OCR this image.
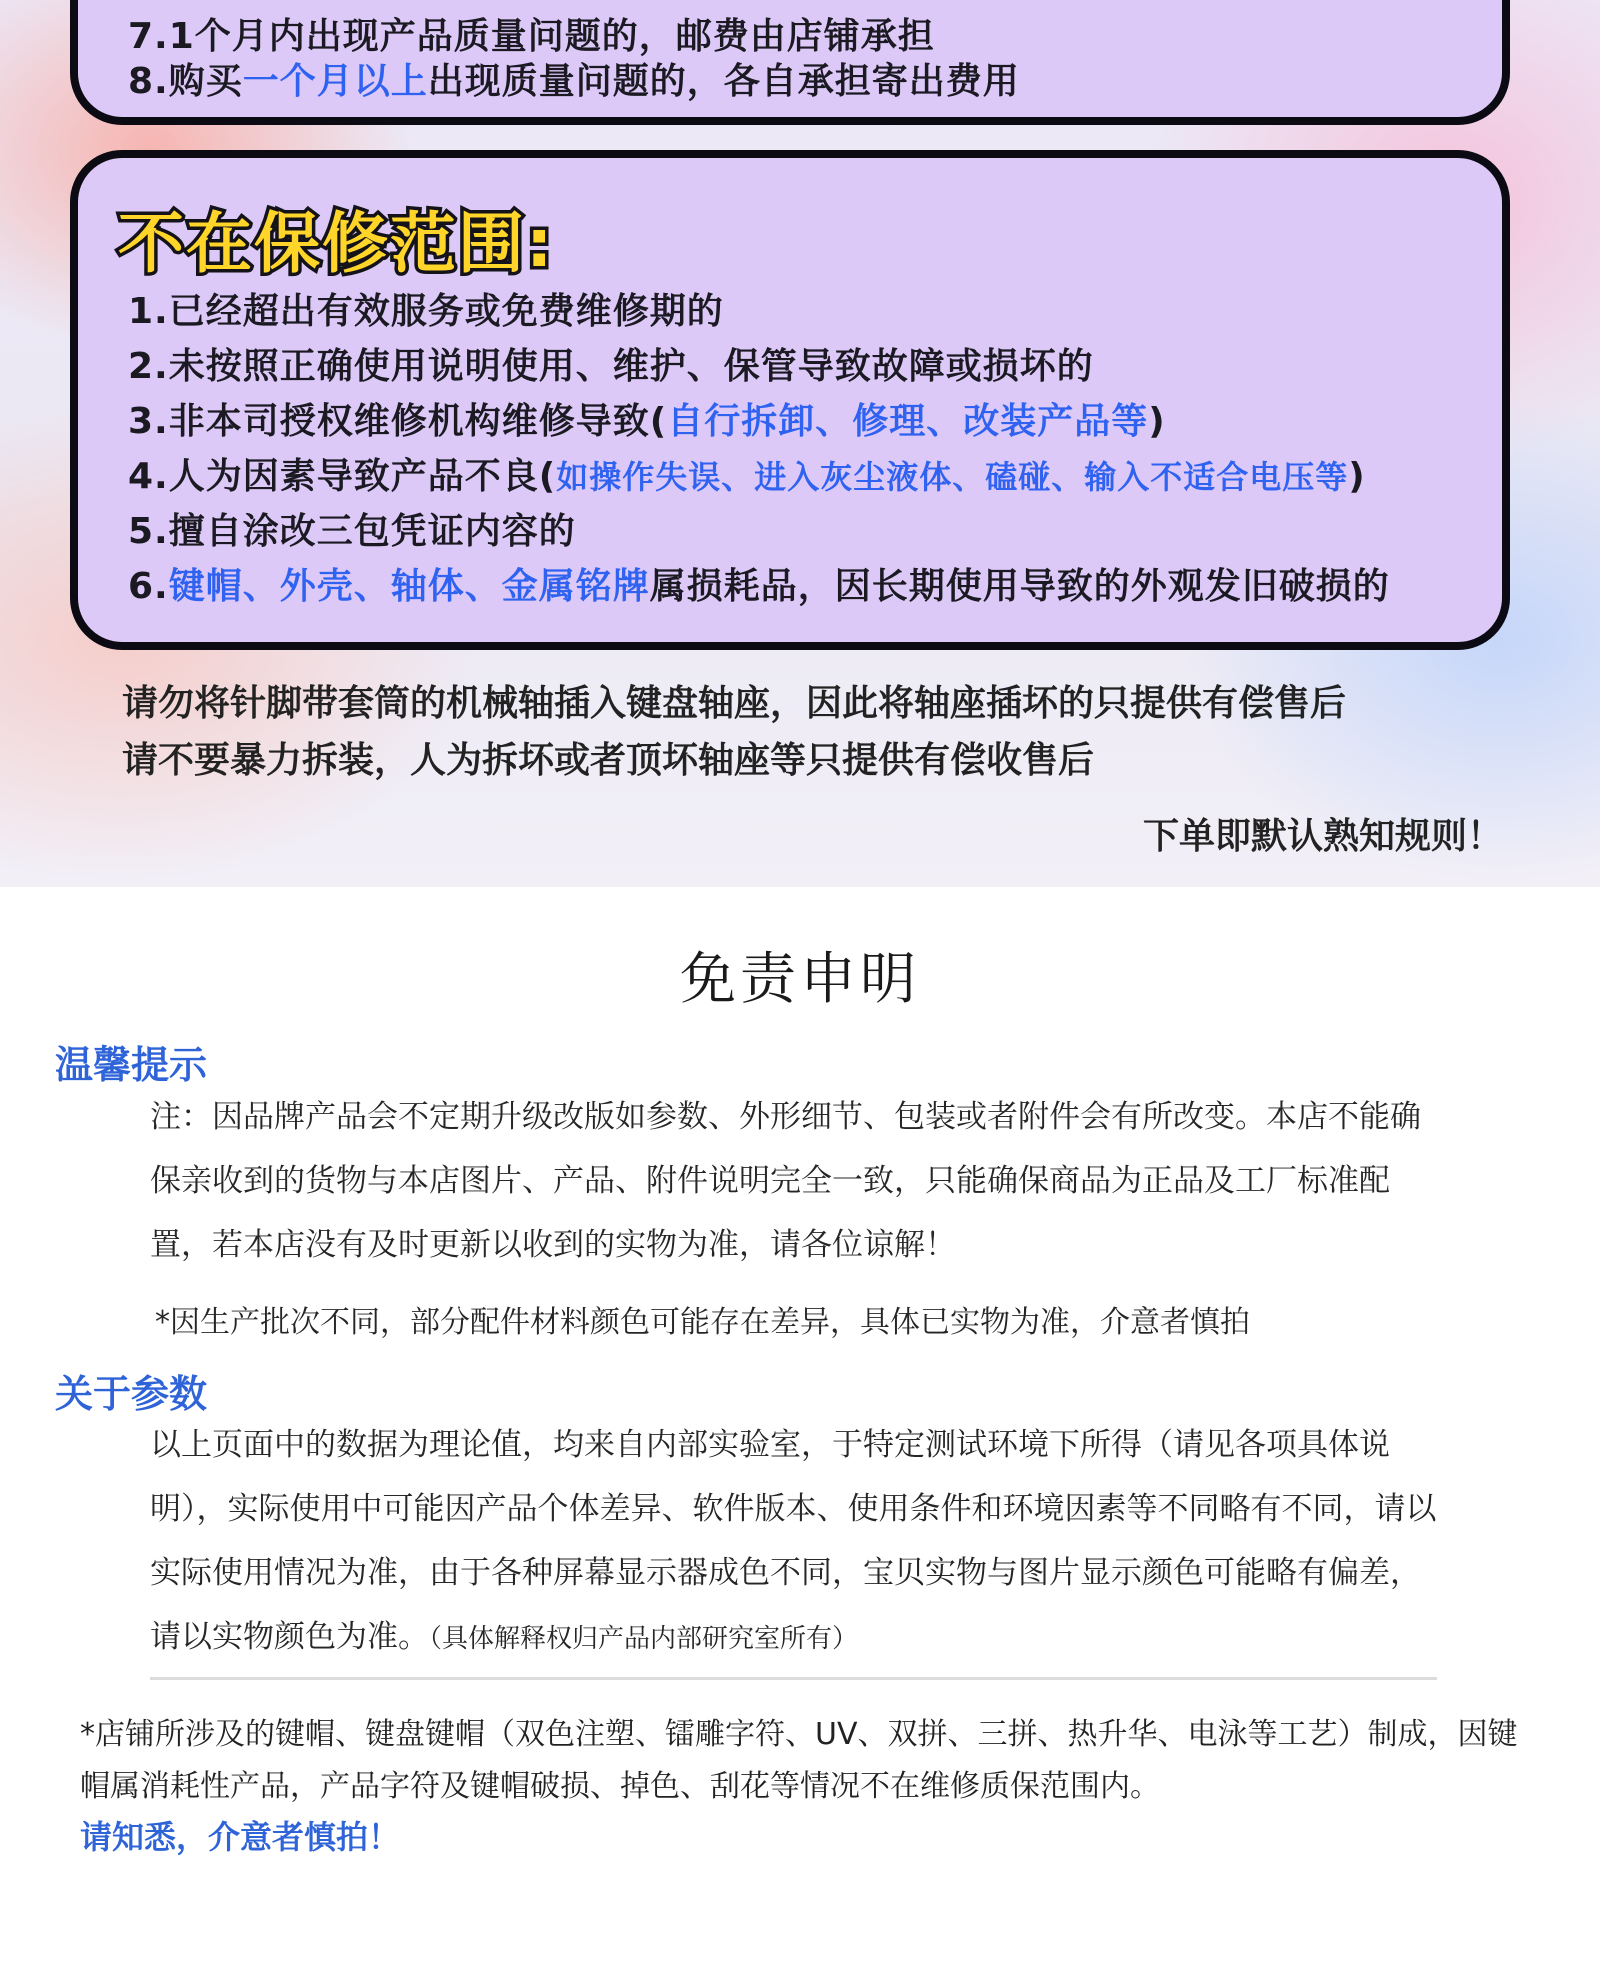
7.1个月内出现产品质量问题的，邮费由店铺承担
8.购买一个月以上出现质量问题的，各自承担寄出费用
不在保修范围:
1.已经超出有效服务或免费维修期的
2.未按照正确使用说明使用、维护、保管导致故障或损坏的
3.非本司授权维修机构维修导致(自行拆卸、修理、改装产品等)
4.人为因素导致产品不良(如操作失误、进入灰尘液体、磕碰、输入不适合电压等)
5.擅自涂改三包凭证内容的
6.键帽、外壳、轴体、金属铭牌属损耗品，因长期使用导致的外观发旧破损的
请勿将针脚带套筒的机械轴插入键盘轴座，因此将轴座插坏的只提供有偿售后
请不要暴力拆装，人为拆坏或者顶坏轴座等只提供有偿收售后
下单即默认熟知规则！
免责申明
温馨提示

注：因品牌产品会不定期升级改版如参数、外形细节、包装或者附件会有所改变。本店不能确保亲收到的货物与本店图片、产品、附件说明完全一致，只能确保商品为正品及工厂标准配置，若本店没有及时更新以收到的实物为准，请各位谅解！

*因生产批次不同，部分配件材料颜色可能存在差异，具体已实物为准，介意者慎拍
关于参数

以上页面中的数据为理论值，均来自内部实验室，于特定测试环境下所得（请见各项具体说明），实际使用中可能因产品个体差异、软件版本、使用条件和环境因素等不同略有不同，请以实际使用情况为准，由于各种屏幕显示器成色不同，宝贝实物与图片显示颜色可能略有偏差，请以实物颜色为准。（具体解释权归产品内部研究室所有）

*店铺所涉及的键帽、键盘键帽（双色注塑、镭雕字符、UV、双拼、三拼、热升华、电泳等工艺）制成，因键帽属消耗性产品，产品字符及键帽破损、掉色、刮花等情况不在维修质保范围内。

请知悉，介意者慎拍！
